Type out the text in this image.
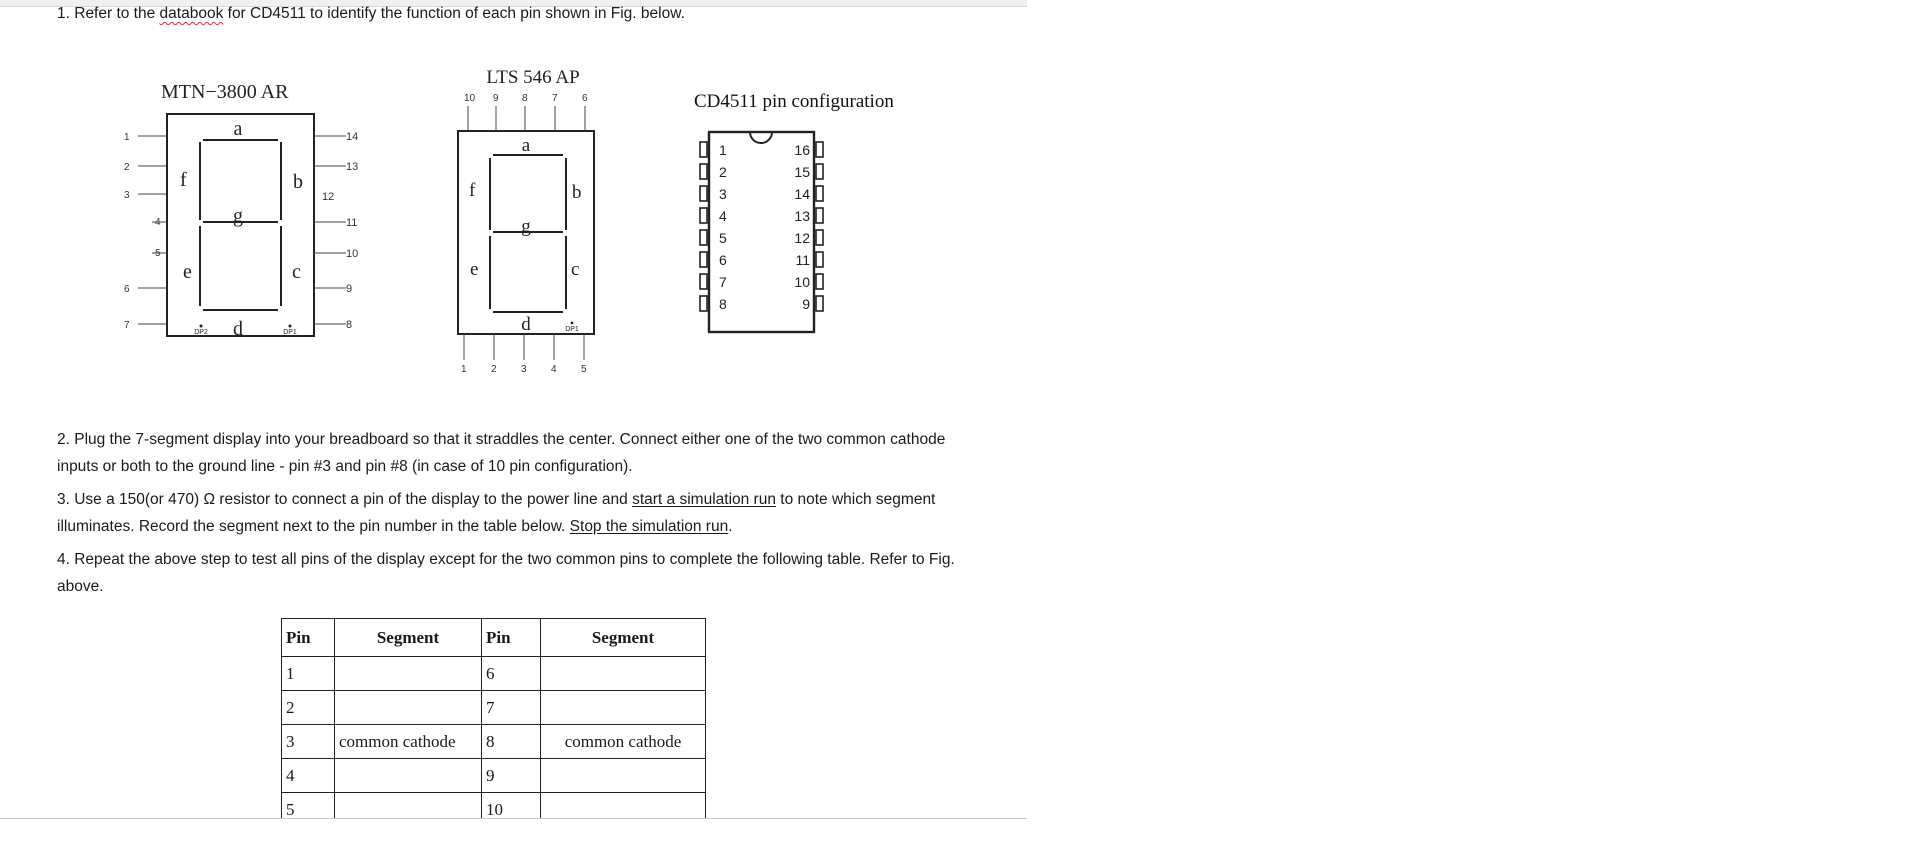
1. Refer to the databook for CD4511 to identify the function of each pin shown in Fig. below.
MTN−3800 AR
a
b
c
d
e
f
g
DP2	DP1
1
2
3
4
5
6
7
14
13
12
11
10
9
8
LTS 546 AP
10 9 8 7 6
a
b
c
d
e
f
g
DP1
1 2 3 4 5
CD4511 pin configuration
1
2
3
4
5
6
7
8
16
15
14
13
12
11
10
9
2. Plug the 7-segment display into your breadboard so that it straddles the center. Connect either one of the two common cathode inputs or both to the ground line - pin #3 and pin #8 (in case of 10 pin configuration).
3. Use a 150(or 470) Ω resistor to connect a pin of the display to the power line and start a simulation run to note which segment illuminates. Record the segment next to the pin number in the table below. Stop the simulation run.
4. Repeat the above step to test all pins of the display except for the two common pins to complete the following table. Refer to Fig. above.
Pin	Segment	Pin	Segment
1		6	
2		7	
3	common cathode	8	common cathode
4		9	
5		10	
